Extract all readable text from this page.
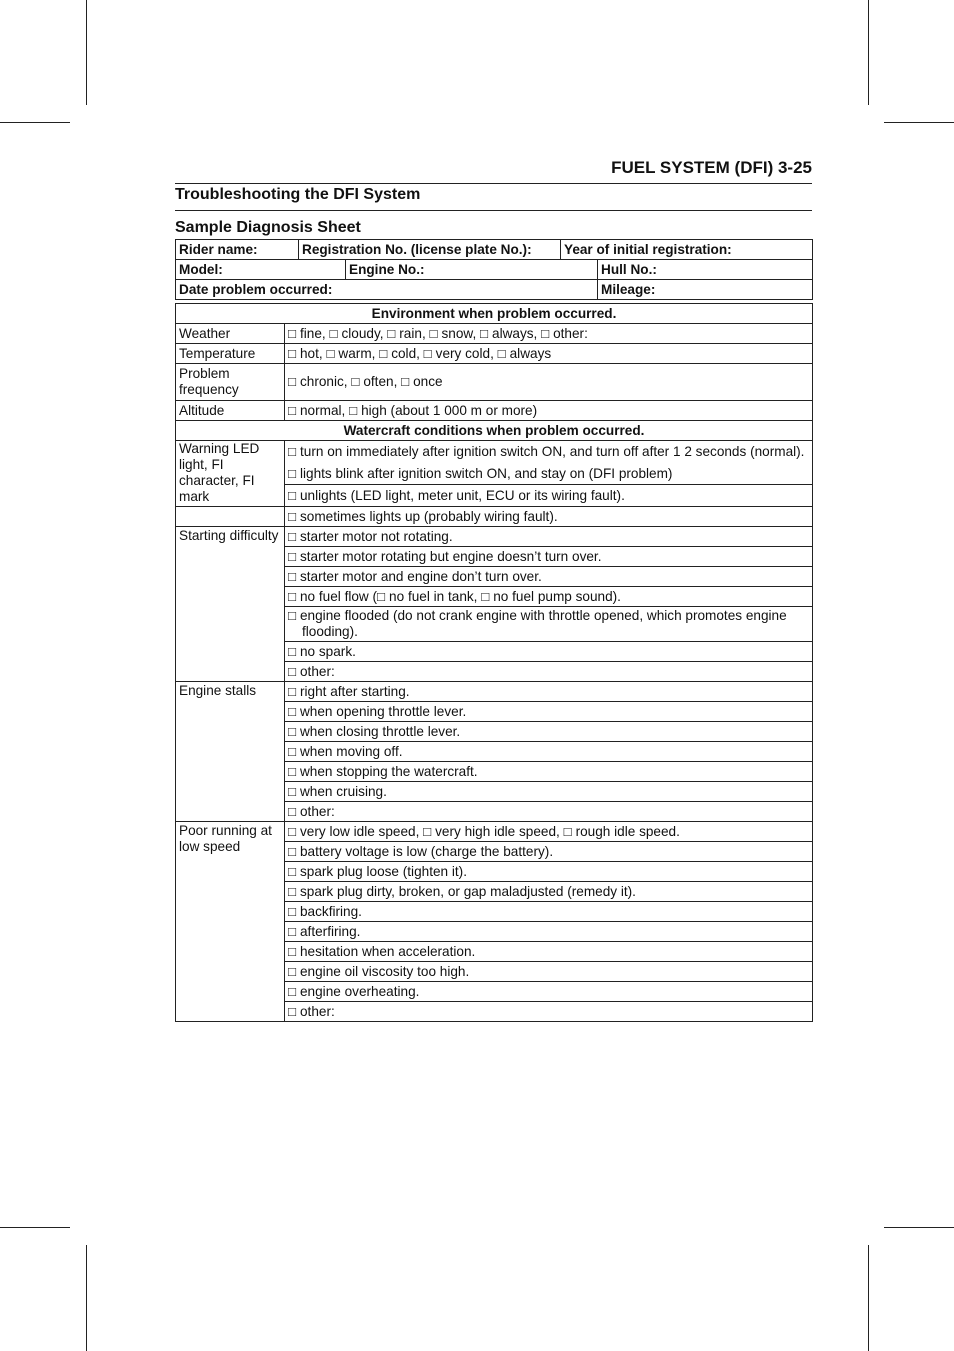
FUEL SYSTEM (DFI) 3-25
Troubleshooting the DFI System
Sample Diagnosis Sheet
Rider name:	Registration No. (license plate No.):		Year of initial registration:	
Model:		Engine No.:		Hull No.:
Date problem occurred:				Mileage:
Environment when problem occurred.	
Weather	□ fine, □ cloudy, □ rain, □ snow, □ always, □ other:
Temperature	□ hot, □ warm, □ cold, □ very cold, □ always
Problem frequency	□ chronic, □ often, □ once
Altitude	□ normal, □ high (about 1 000 m or more)
Watercraft conditions when problem occurred.	
Warning LED light, FI character, FI mark	□ turn on immediately after ignition switch ON, and turn off after 1 2 seconds (normal).
	□ lights blink after ignition switch ON, and stay on (DFI problem)
	□ unlights (LED light, meter unit, ECU or its wiring fault).
	□ sometimes lights up (probably wiring fault).
Starting difficulty	□ starter motor not rotating.
	□ starter motor rotating but engine doesn’t turn over.
	□ starter motor and engine don’t turn over.
	□ no fuel flow (□ no fuel in tank, □ no fuel pump sound).
	□ engine flooded (do not crank engine with throttle opened, which promotes engine flooding).
	□ no spark.
	□ other:
Engine stalls	□ right after starting.
	□ when opening throttle lever.
	□ when closing throttle lever.
	□ when moving off.
	□ when stopping the watercraft.
	□ when cruising.
	□ other:
Poor running at low speed	□ very low idle speed, □ very high idle speed, □ rough idle speed.
	□ battery voltage is low (charge the battery).
	□ spark plug loose (tighten it).
	□ spark plug dirty, broken, or gap maladjusted (remedy it).
	□ backfiring.
	□ afterfiring.
	□ hesitation when acceleration.
	□ engine oil viscosity too high.
	□ engine overheating.
	□ other:
